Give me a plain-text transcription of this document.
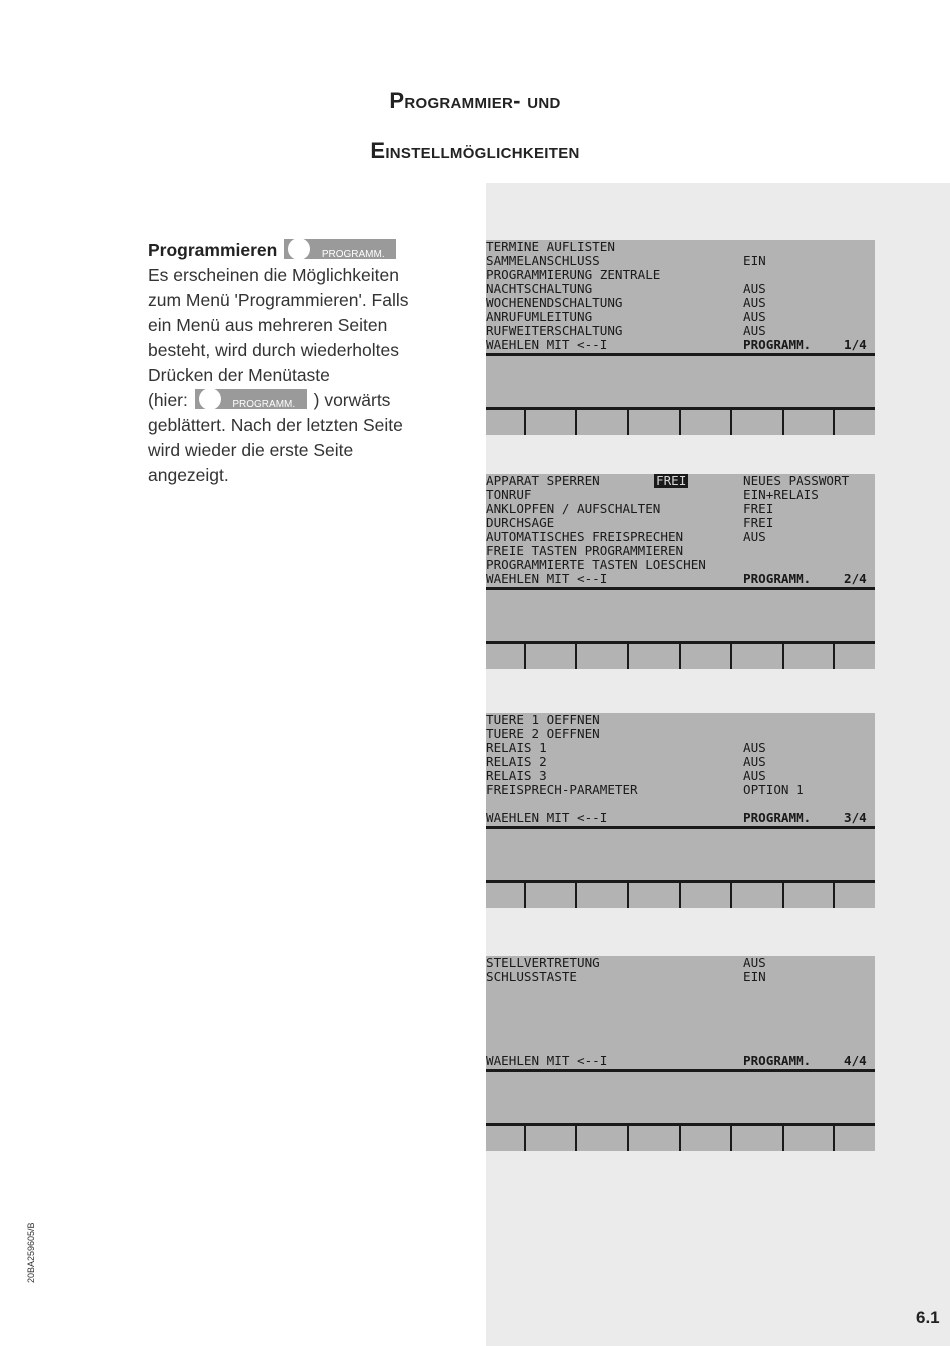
Programmier- und
Einstellmöglichkeiten
Programmieren	PROGRAMM.
Es erscheinen die Möglichkeiten
zum Menü 'Programmieren'. Falls
ein Menü aus mehreren Seiten
besteht, wird durch wiederholtes
Drücken der Menütaste
(hier:	PROGRAMM.	) vorwärts
geblättert. Nach der letzten Seite
wird wieder die erste Seite
angezeigt.
TERMINE AUFLISTEN
SAMMELANSCHLUSS	EIN
PROGRAMMIERUNG ZENTRALE
NACHTSCHALTUNG	AUS
WOCHENENDSCHALTUNG	AUS
ANRUFUMLEITUNG	AUS
RUFWEITERSCHALTUNG	AUS
WAEHLEN MIT <--I	PROGRAMM.	1/4
APPARAT SPERREN	FREI	NEUES PASSWORT
TONRUF	EIN+RELAIS
ANKLOPFEN / AUFSCHALTEN	FREI
DURCHSAGE	FREI
AUTOMATISCHES FREISPRECHEN	AUS
FREIE TASTEN PROGRAMMIEREN
PROGRAMMIERTE TASTEN LOESCHEN
WAEHLEN MIT <--I	PROGRAMM.	2/4
TUERE 1 OEFFNEN
TUERE 2 OEFFNEN
RELAIS 1	AUS
RELAIS 2	AUS
RELAIS 3	AUS
FREISPRECH-PARAMETER	OPTION 1
WAEHLEN MIT <--I	PROGRAMM.	3/4
STELLVERTRETUNG	AUS
SCHLUSSTASTE	EIN
WAEHLEN MIT <--I	PROGRAMM.	4/4
20BA259605/B
6.1
